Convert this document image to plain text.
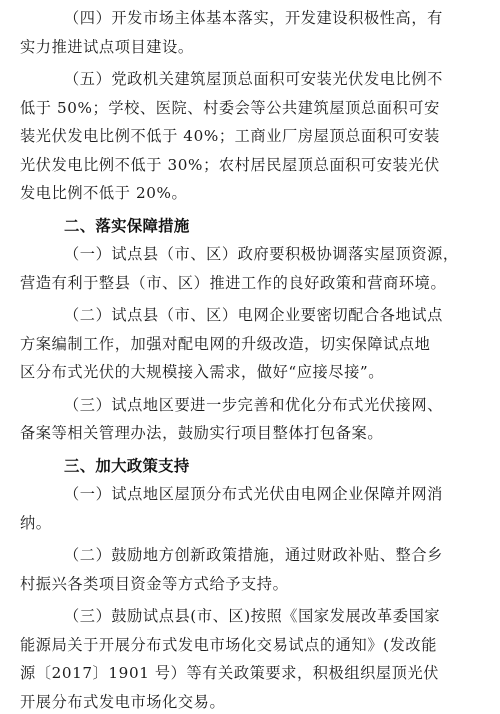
（四）开发市场主体基本落实，开发建设积极性高，有
实力推进试点项目建设。
（五）党政机关建筑屋顶总面积可安装光伏发电比例不
低于 50%；学校、医院、村委会等公共建筑屋顶总面积可安
装光伏发电比例不低于 40%；工商业厂房屋顶总面积可安装
光伏发电比例不低于 30%；农村居民屋顶总面积可安装光伏
发电比例不低于 20%。
二、落实保障措施
（一）试点县（市、区）政府要积极协调落实屋顶资源，
营造有利于整县（市、区）推进工作的良好政策和营商环境。
（二）试点县（市、区）电网企业要密切配合各地试点
方案编制工作，加强对配电网的升级改造，切实保障试点地
区分布式光伏的大规模接入需求，做好“应接尽接”。
（三）试点地区要进一步完善和优化分布式光伏接网、
备案等相关管理办法，鼓励实行项目整体打包备案。
三、加大政策支持
（一）试点地区屋顶分布式光伏由电网企业保障并网消
纳。
（二）鼓励地方创新政策措施，通过财政补贴、整合乡
村振兴各类项目资金等方式给予支持。
（三）鼓励试点县(市、区)按照《国家发展改革委国家
能源局关于开展分布式发电市场化交易试点的通知》(发改能
源〔2017〕1901 号）等有关政策要求，积极组织屋顶光伏
开展分布式发电市场化交易。
